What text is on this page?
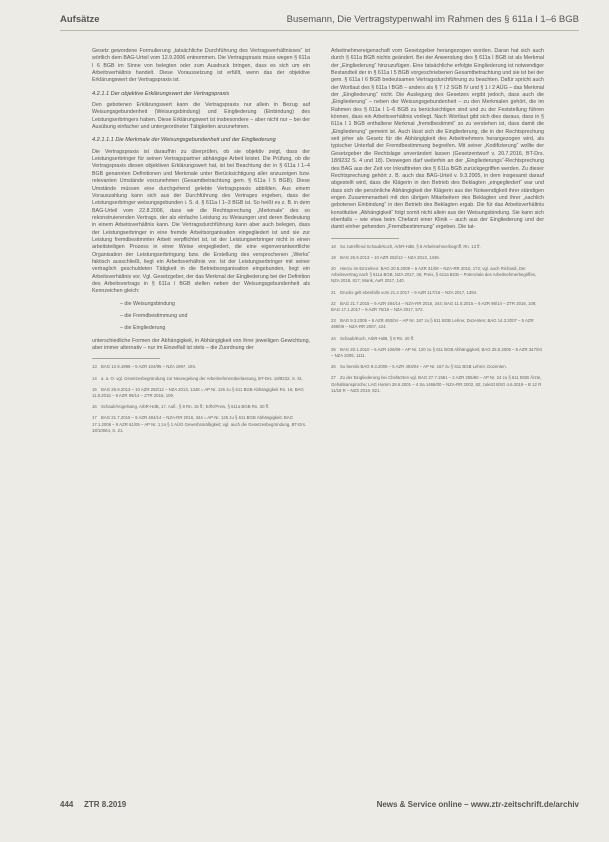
Aufsätze	Busemann, Die Vertragstypenwahl im Rahmen des § 611a I 1–6 BGB

Gesetz gewordene Formulierung „tatsächliche Durchführung des Vertragsverhältnisses“ ist wörtlich dem BAG-Urteil vom 12.9.2006 entnommen. Die Vertragspraxis muss wegen § 611a I 6 BGB im Sinne von belegten oder zum Ausdruck bringen, dass es sich um ein Arbeitsverhältnis handelt. Diese Voraussetzung ist erfüllt, wenn das der objektive Erklärungswert der Vertragspraxis ist.

4.2.1.1 Der objektive Erklärungswert der Vertragspraxis

Den gebotenen Erklärungswert kann die Vertragspraxis nur allein in Bezug auf Weisungsgebundenheit (Weisungsbindung) und Eingliederung (Einbindung) des Leistungserbringers haben. Diese Erklärungswert ist insbesondere – aber nicht nur – bei der Ausübung einfacher und untergeordneter Tätigkeiten anzunehmen.

4.2.1.1.1 Die Merkmale der Weisungsgebundenheit und der Eingliederung

Die Vertragspraxis ist daraufhin zu überprüfen, ob sie objektiv zeigt, dass der Leistungserbringer für seinen Vertragspartner abhängige Arbeit leistet. Die Prüfung, ob die Vertragspraxis diesen objektiven Erklärungswert hat, ist bei Beachtung der in § 611a I 1–4 BGB genannten Definitionen und Merkmale unter Berücksichtigung aller anzuzeigen bzw. relevanten Umstände vorzunehmen (Gesamtbetrachtung gem. § 611a I 5 BGB). Diese Umstände müssen eine durchgehend gelebte Vertragspraxis abbilden. Aus einem Vorauszahlung kann sich aus der Durchführung des Vertrages ergeben, dass der Leistungserbringer weisungsgebunden i. S. d. § 611a I 1–3 BGB ist. So heißt es z. B. in dem BAG-Urteil vom 22.8.2006, dass wir die Rechtsprechung „Merkmale“ des so rekonstruierenden Vertrags, der als einfache Leistung zu Weisungen und deren Bedeutung in einem Arbeitsverhältnis kann. Die Vertragsdurchführung kann aber auch belegen, dass der Leistungserbringer in eine fremde Arbeitsorganisation eingegliedert ist und sie zur Leistung fremdbestimmter Arbeit verpflichtet ist, ist der Leistungserbringer nicht in einen arbeitsteiligen Prozess in einer Weise eingegliedert, die eine eigenverantwortliche Organisation der Leistungserbringung bzw. die Erstellung des versprochenen „Werks“ faktisch ausschließt, liegt ein Arbeitsverhältnis vor. Ist der Leistungserbringer mit seiner vertraglich geschuldeten Tätigkeit in die Betriebsorganisation eingebunden, liegt ein Arbeitsverhältnis vor. Vgl. Gesetzgeber, der das Merkmal der Eingliederung bei der Definition des Arbeitsvertrags in § 611a I BGB stellen neben der Weisungsgebundenheit als Kennzeichen gleich:

– die Weisungsbindung
– die Fremdbestimmung und
– die Eingliederung

unterschiedliche Formen der Abhängigkeit, in Abhängigkeit von ihrer jeweiligen Gewichtung, aber immer alternativ – nur im Einzelfall ist stets – die Zuordnung der

13 BAG 12.9.1996 – 5 AZR 104/95 – NZA 1997, 194.

14 a. a. O. vgl. Gesetzesbegründung zur Neuregelung der Arbeitnehmerüberlassung, BT-Drs. 18/9232, S. 31.

15 BAG 25.9.2013 – 10 AZR 282/12 – NZA 2013, 1348 = AP Nr. 126 zu § 611 BGB Abhängigkeit Rn. 16; BAG 11.8.2015 – 9 AZR 98/14 – ZTR 2016, 109.

16 Schaub/Vogelsang, ArbR-HdB, 17. Aufl., § 8 Rn. 15 ff.; ErfK/Preis, § 611a BGB Rn. 30 ff.

17 BAG 21.7.2015 – 9 AZR 484/14 – NZA-RR 2016, 344 = AP Nr. 125 zu § 611 BGB Abhängigkeit; BAG 17.1.2006 – 9 AZR 61/05 – AP Nr. 1 zu § 1 AÜG Gewerbsmäßigkeit; vgl. auch die Gesetzesbegründung, BT-Drs. 18/10064, S. 21.

Arbeitnehmereigenschaft vom Gesetzgeber herangezogen worden. Daran hat sich auch durch § 611a BGB nichts geändert. Bei der Anwendung des § 611a I BGB ist als Merkmal der „Eingliederung“ hinzuzufügen. Eine tatsächliche erfolgte Eingliederung ist notwendiger Bestandteil der in § 611a I 5 BGB vorgeschriebenen Gesamtbetrachtung und sie ist bei der gem. § 611a I 6 BGB bedeutsamen Vertragsdurchführung zu beachten. Dafür spricht auch der Wortlaut des § 611a I BGB – anders als § 7 I 2 SGB IV und § 1 I 2 AÜG – das Merkmal der „Eingliederung“ nicht. Die Auslegung des Gesetzes ergibt jedoch, dass auch die „Eingliederung“ – neben der Weisungsgebundenheit – zu den Merkmalen gehört, die im Rahmen des § 611a I 1–6 BGB zu berücksichtigen sind und zu der Feststellung führen können, dass ein Arbeitsverhältnis vorliegt. Nach Wortlaut gibt sich dies daraus, dass in § 611a I 1 BGB enthaltene Merkmal „fremdbestimmt“ so zu verstehen ist, dass damit die „Eingliederung“ gemeint ist. Auch lässt sich die Eingliederung, die in der Rechtsprechung seit jeher als Gesetz für die Abhängigkeit des Arbeitnehmers herangezogen wird, als typischer Unterfall der Fremdbestimmung begreifen. Mit seiner „Kodifizierung“ wollte der Gesetzgeber die Rechtslage unverändert lassen (Gesetzentwurf v. 20.7.2016, BT-Drs. 18/9232 S. 4 und 18). Deswegen darf weiterhin an der „Eingliederungs“-Rechtsprechung des BAG aus der Zeit vor Inkrafttreten des § 611a BGB zurückgegriffen werden. Zu dieser Rechtsprechung gehört z. B. auch das BAG-Urteil v. 9.3.2005, in dem insgesamt darauf abgestellt wird, dass die Klägerin in den Betrieb des Beklagten „eingegliedert“ war und dass sich die persönliche Abhängigkeit der Klägerin aus der Notwendigkeit ihrer ständigen engen Zusammenarbeit mit den übrigen Mitarbeitern des Beklagten und ihrer „sachlich gebotenen Einbindung“ in den Betrieb des Beklagten ergab. Die für das Arbeitsverhältnis konstitutive „Abhängigkeit“ folgt somit nicht allein aus der Weisungsbindung. Sie kann sich ebenfalls – wie etwa beim Chefarzt einer Klinik – auch aus der Eingliederung und der damit einher gehenden „Fremdbestimmung“ ergeben. Die tat-

18 So zutreffend Schaub/Koch, ArbR-HdB, § 8 Arbeitnehmerbegriff, Rn. 13 ff.

19 BAG 25.9.2013 – 10 AZR 282/12 – NZA 2013, 1348.

20 Hierzu im Einzelnen: BAG 20.5.2009 – 5 AZR 31/08 – NZA-RR 2010, 172; vgl. auch Richardi, Der Arbeitsvertrag nach § 611a BGB, NZA 2017, 36; Preis, § 611a BGB – Potenziale des Arbeitnehmerbegriffes, NZA 2018, 817; Wank, AuR 2017, 140.

21 Drucks gelt ebenfalls vom 21.2.2017 – 9 AZR 117/16 – NZA 2017, 1394.

22 BAG 21.7.2015 – 9 AZR 484/14 – NZA-RR 2016, 344; BAG 11.8.2015 – 9 AZR 98/14 – ZTR 2016, 109; BAG 17.1.2017 – 9 AZR 76/16 – NZA 2017, 572.

23 BAG 9.3.2005 – 5 AZR 493/04 – AP Nr. 167 zu § 611 BGB Lehrer, Dozenten; BAG 14.3.2007 – 5 AZR 499/06 – NZA-RR 2007, 424.

24 Schaub/Koch, ArbR-HdB, § 8 Rn. 20 ff.

25 BAG 20.1.2010 – 5 AZR 106/09 – AP Nr. 120 zu § 611 BGB Abhängigkeit; BAG 25.5.2005 – 5 AZR 347/04 – NZA 2005, 1111.

26 So bereits BAG 9.3.2005 – 5 AZR 493/04 – AP Nr. 167 zu § 611 BGB Lehrer, Dozenten.

27 Zu der Eingliederung bei Chefärzten vgl. BAG 27.7.1961 – 2 AZR 255/60 – AP Nr. 24 zu § 611 BGB Ärzte, Gehaltsansprüche; LAG Hamm 28.6.2001 – 4 Sa 1466/00 – NZA-RR 2002, 82; zuletzt BSG 4.6.2019 – B 12 R 11/18 R – NZS 2019, 821.

444 ZTR 8.2019	News & Service online – www.ztr-zeitschrift.de/archiv
